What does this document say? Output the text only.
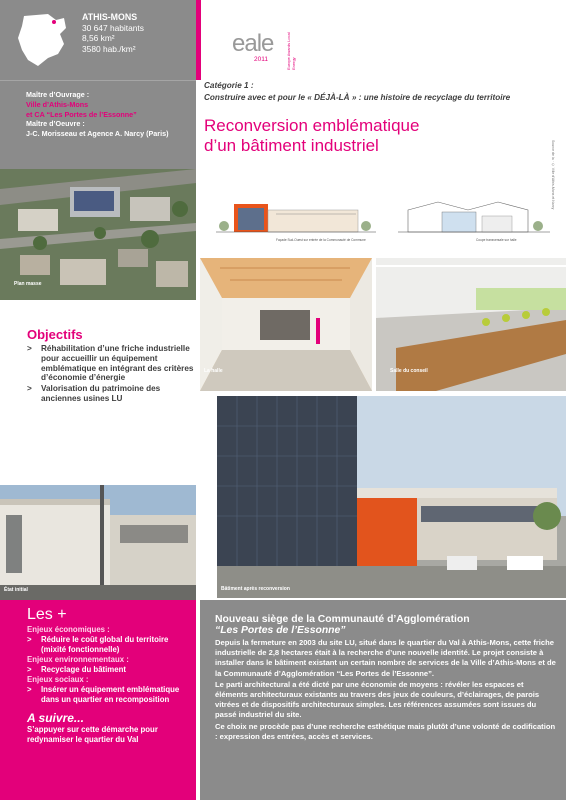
ATHIS-MONS
30 647 habitants
8,56 km²
3580 hab./km²
Maître d’Ouvrage :
Ville d’Athis-Mons
et CA “Les Portes de l’Essonne”
Maître d’Oeuvre :
J-C. Morisseau et Agence A. Narcy (Paris)
Plan masse
Objectifs
> Réhabilitation d’une friche industrielle pour accueillir un équipement emblématique en intégrant des critères d’économie d’énergie
> Valorisation du patrimoine des anciennes usines LU
État initial
Les +
Enjeux économiques :
> Réduire le coût global du territoire (mixité fonctionnelle)
Enjeux environnementaux :
> Recyclage du bâtiment
Enjeux sociaux :
> Insérer un équipement emblématique dans un quartier en recomposition
A suivre...
S’appuyer sur cette démarche pour redynamiser le quartier du Val
eale
2011	Europe Awards Local Energy
Catégorie 1 :
Construire avec et pour le « DÉJÀ-LÀ » : une histoire de recyclage du territoire
Reconversion emblématique
d’un bâtiment industriel	Source de la · © Ville d'Athis-Mons et Narcy
Façade Sud-Ouest sur entrée de la Communauté de Commune	Coupe transversale sur halle
La halle	Salle du conseil
Bâtiment après reconversion
Nouveau siège de la Communauté d’Agglomération
“Les Portes de l’Essonne”
Depuis la fermeture en 2003 du site LU, situé dans le quartier du Val à Athis-Mons, cette friche industrielle de 2,8 hectares était à la recherche d’une nouvelle identité. Le projet consiste à installer dans le bâtiment existant un certain nombre de services de la Ville d’Athis-Mons et de la Communauté d’Agglomération “Les Portes de l’Essonne”.
Le parti architectural a été dicté par une économie de moyens : révéler les espaces et éléments architecturaux existants au travers des jeux de couleurs, d’éclairages, de parois vitrées et de dispositifs architecturaux simples. Les références assumées sont issues du passé industriel du site.
Ce choix ne procède pas d’une recherche esthétique mais plutôt d’une volonté de codification : expression des entrées, accès et services.
